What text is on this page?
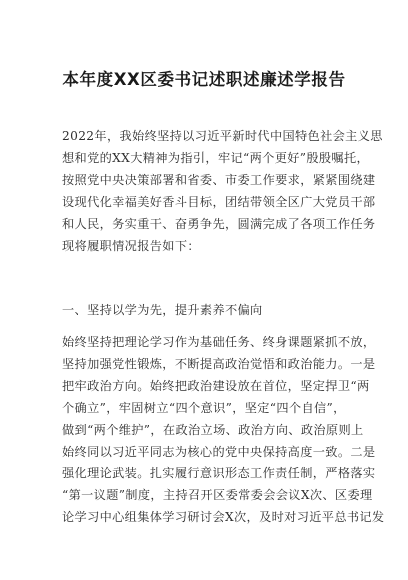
本年度XX区委书记述职述廉述学报告
2022年，我始终坚持以习近平新时代中国特色社会主义思
想和党的XX大精神为指引，牢记“两个更好”殷殷嘱托，
按照党中央决策部署和省委、市委工作要求，紧紧围绕建
设现代化幸福美好香斗目标，团结带领全区广大党员干部
和人民，务实重干、奋勇争先，圆满完成了各项工作任务
现将履职情况报告如下：
一、坚持以学为先，提升素养不偏向
始终坚持把理论学习作为基础任务、终身课题紧抓不放，
坚持加强党性锻炼，不断提高政治觉悟和政治能力。一是
把牢政治方向。始终把政治建设放在首位，坚定捍卫“两
个确立”，牢固树立“四个意识”，坚定“四个自信”，
做到“两个维护”，在政治立场、政治方向、政治原则上
始终同以习近平同志为核心的党中央保持高度一致。二是
强化理论武装。扎实履行意识形态工作责任制，严格落实
“第一议题”制度，主持召开区委常委会会议X次、区委理
论学习中心组集体学习研讨会X次，及时对习近平总书记发
